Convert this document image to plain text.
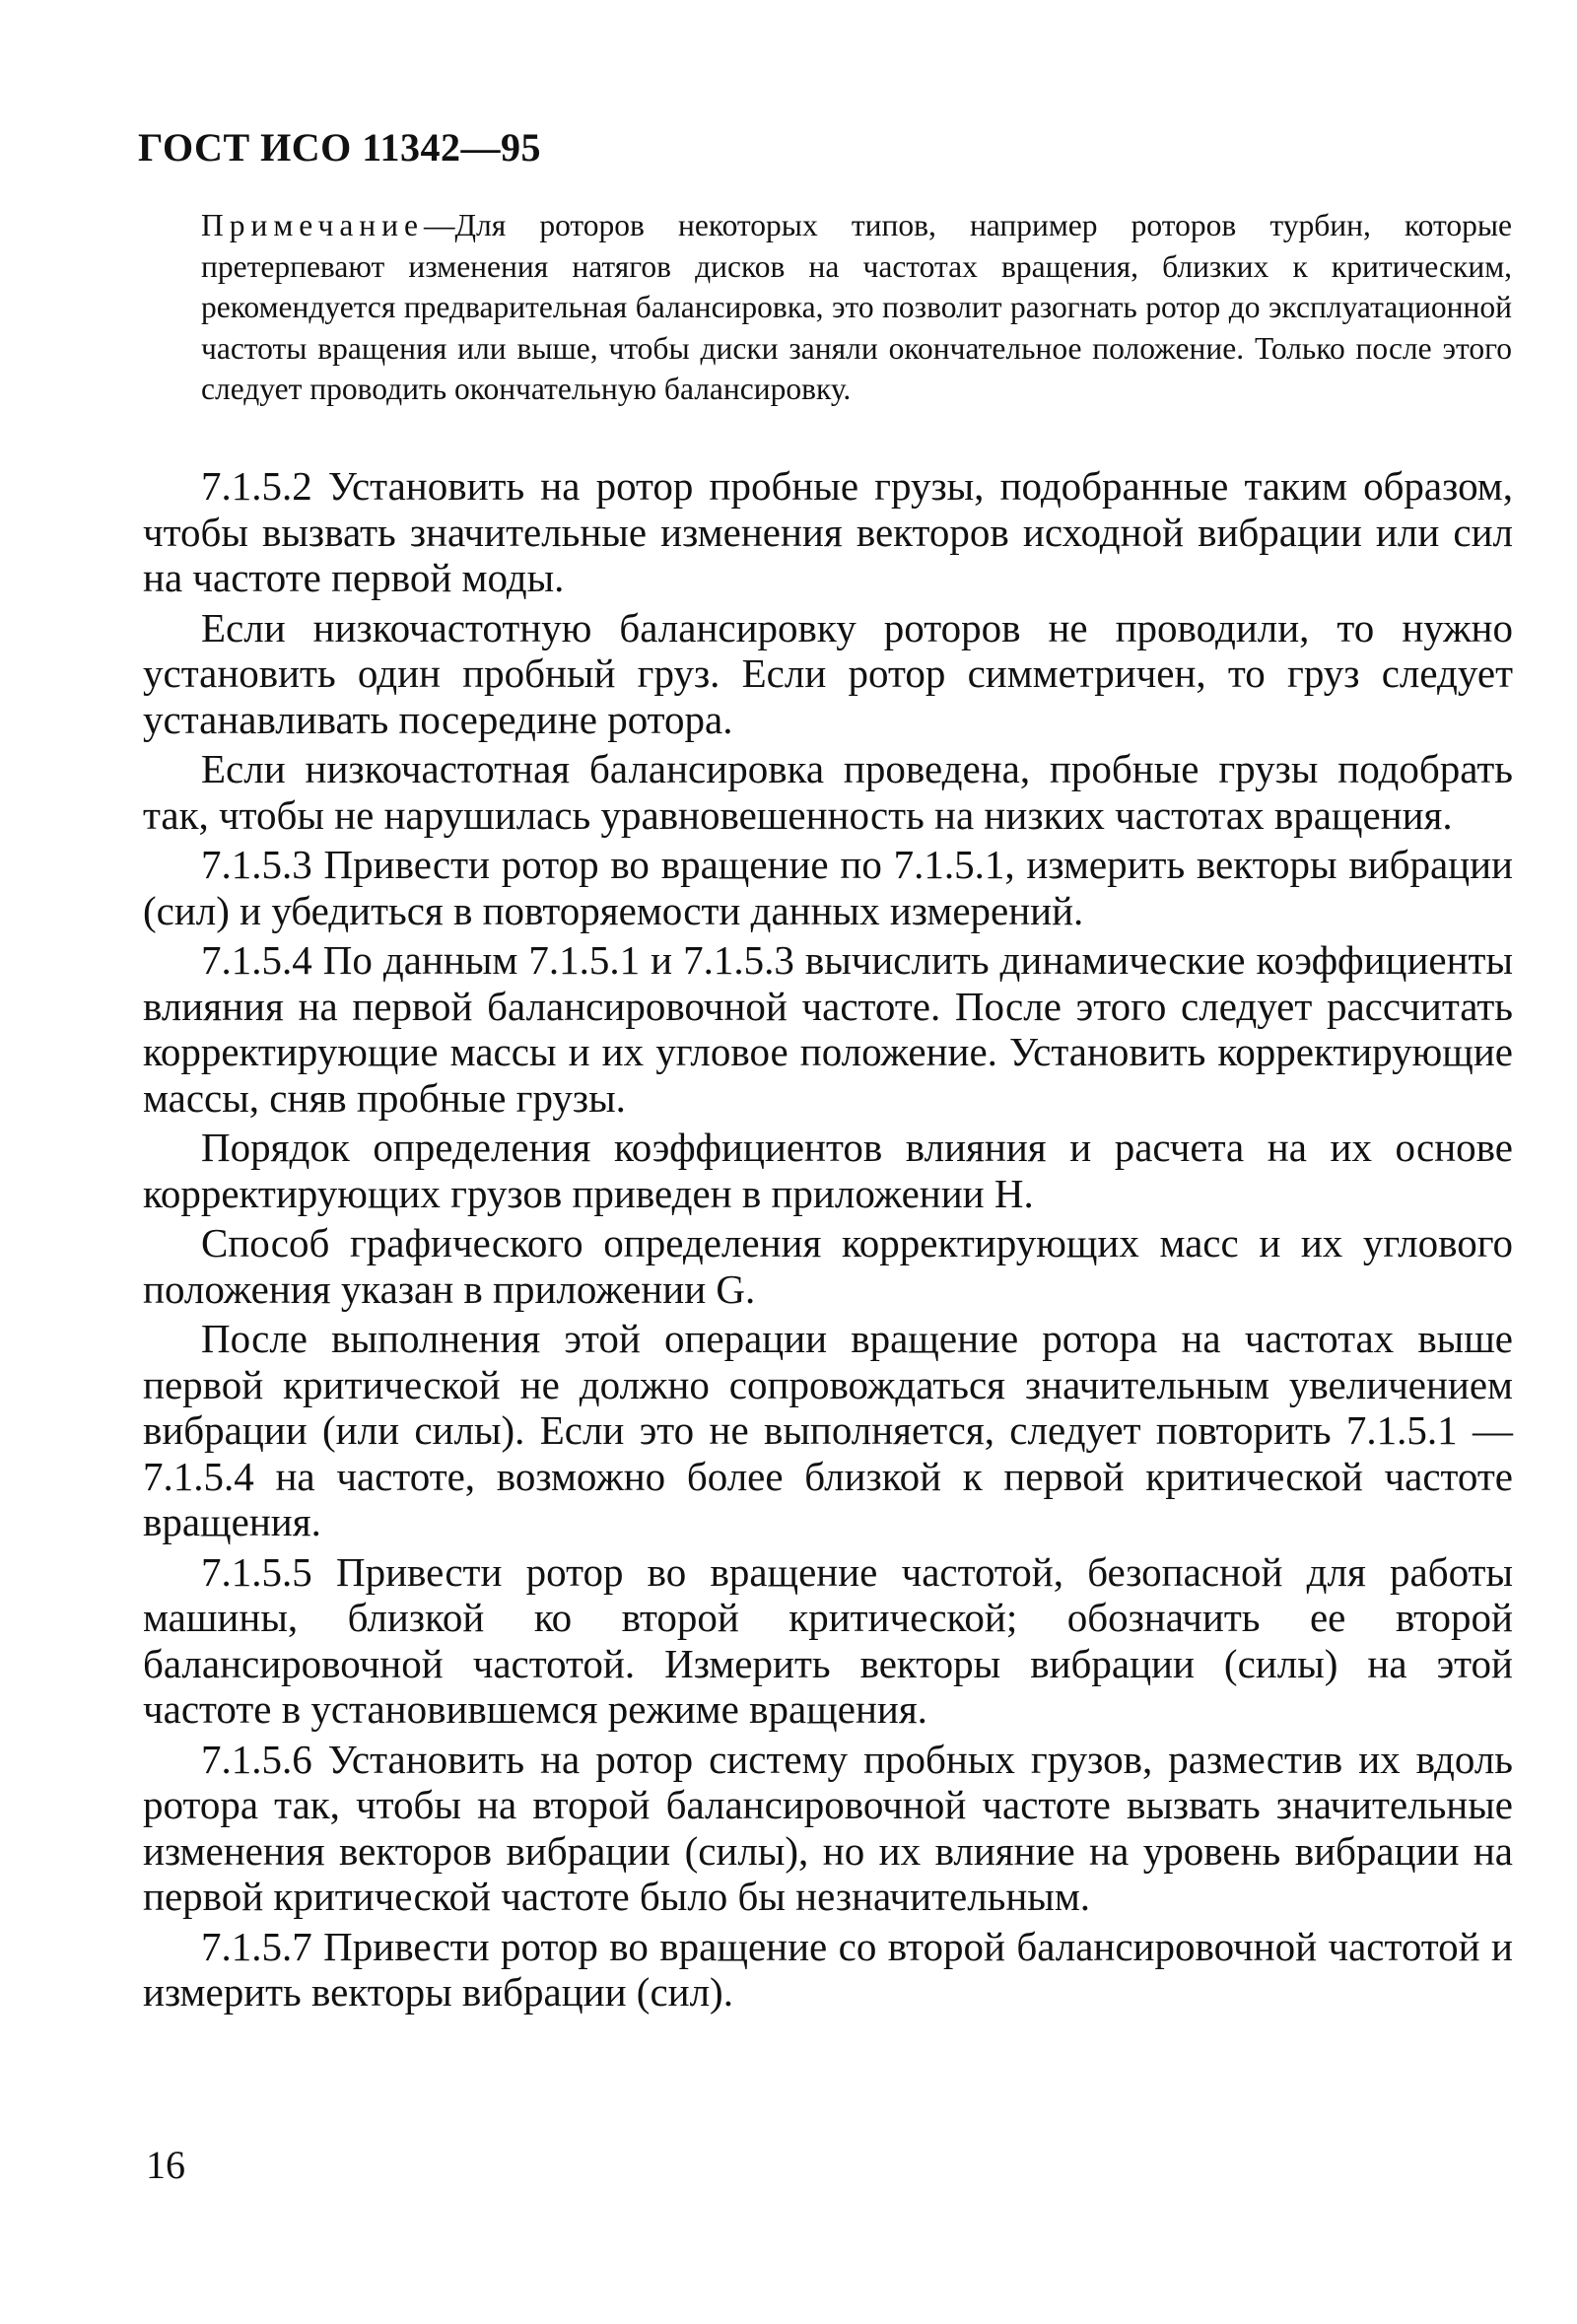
ГОСТ ИСО 11342—95

Примечание—Для роторов некоторых типов, например роторов турбин, которые претерпевают изменения натягов дисков на частотах вращения, близких к критическим, рекомендуется предварительная балансировка, это позволит разогнать ротор до эксплуатационной частоты вращения или выше, чтобы диски заняли окончательное положение. Только после этого следует проводить окончательную балансировку.

7.1.5.2 Установить на ротор пробные грузы, подобранные таким образом, чтобы вызвать значительные изменения векторов исходной вибрации или сил на частоте первой моды.

Если низкочастотную балансировку роторов не проводили, то нужно установить один пробный груз. Если ротор симметричен, то груз следует устанавливать посередине ротора.

Если низкочастотная балансировка проведена, пробные грузы подобрать так, чтобы не нарушилась уравновешенность на низких частотах вращения.

7.1.5.3 Привести ротор во вращение по 7.1.5.1, измерить векторы вибрации (сил) и убедиться в повторяемости данных измерений.

7.1.5.4 По данным 7.1.5.1 и 7.1.5.3 вычислить динамические коэффициенты влияния на первой балансировочной частоте. После этого следует рассчитать корректирующие массы и их угловое положение. Установить корректирующие массы, сняв пробные грузы.

Порядок определения коэффициентов влияния и расчета на их основе корректирующих грузов приведен в приложении Н.

Способ графического определения корректирующих масс и их углового положения указан в приложении G.

После выполнения этой операции вращение ротора на частотах выше первой критической не должно сопровождаться значительным увеличением вибрации (или силы). Если это не выполняется, следует повторить 7.1.5.1 — 7.1.5.4 на частоте, возможно более близкой к первой критической частоте вращения.

7.1.5.5 Привести ротор во вращение частотой, безопасной для работы машины, близкой ко второй критической; обозначить ее второй балансировочной частотой. Измерить векторы вибрации (силы) на этой частоте в установившемся режиме вращения.

7.1.5.6 Установить на ротор систему пробных грузов, разместив их вдоль ротора так, чтобы на второй балансировочной частоте вызвать значительные изменения векторов вибрации (силы), но их влияние на уровень вибрации на первой критической частоте было бы незначительным.

7.1.5.7 Привести ротор во вращение со второй балансировочной частотой и измерить векторы вибрации (сил).

16
